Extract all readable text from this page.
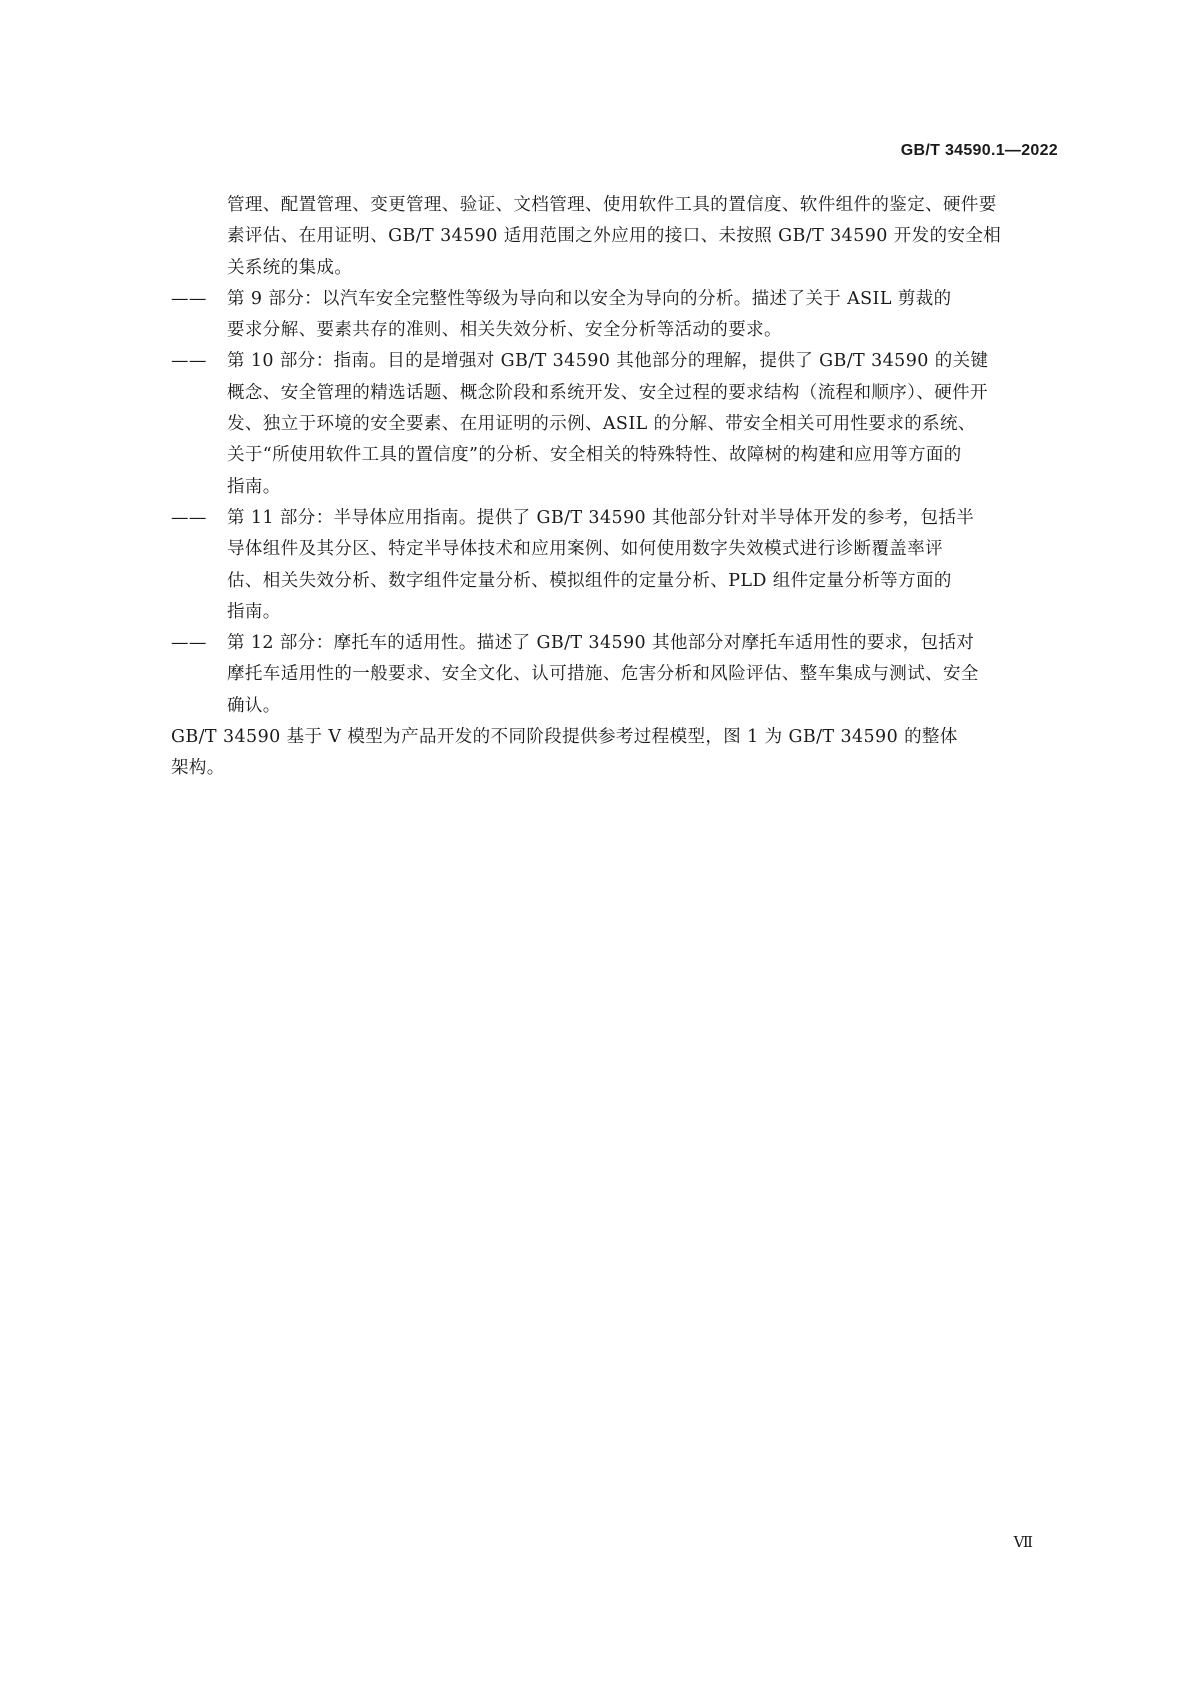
GB/T 34590.1—2022
管理、配置管理、变更管理、验证、文档管理、使用软件工具的置信度、软件组件的鉴定、硬件要
素评估、在用证明、GB/T 34590 适用范围之外应用的接口、未按照 GB/T 34590 开发的安全相
关系统的集成。
—— 第 9 部分：以汽车安全完整性等级为导向和以安全为导向的分析。描述了关于 ASIL 剪裁的
要求分解、要素共存的准则、相关失效分析、安全分析等活动的要求。
—— 第 10 部分：指南。目的是增强对 GB/T 34590 其他部分的理解，提供了 GB/T 34590 的关键
概念、安全管理的精选话题、概念阶段和系统开发、安全过程的要求结构（流程和顺序）、硬件开
发、独立于环境的安全要素、在用证明的示例、ASIL 的分解、带安全相关可用性要求的系统、
关于“所使用软件工具的置信度”的分析、安全相关的特殊特性、故障树的构建和应用等方面的
指南。
—— 第 11 部分：半导体应用指南。提供了 GB/T 34590 其他部分针对半导体开发的参考，包括半
导体组件及其分区、特定半导体技术和应用案例、如何使用数字失效模式进行诊断覆盖率评
估、相关失效分析、数字组件定量分析、模拟组件的定量分析、PLD 组件定量分析等方面的
指南。
—— 第 12 部分：摩托车的适用性。描述了 GB/T 34590 其他部分对摩托车适用性的要求，包括对
摩托车适用性的一般要求、安全文化、认可措施、危害分析和风险评估、整车集成与测试、安全
确认。
GB/T 34590 基于 V 模型为产品开发的不同阶段提供参考过程模型，图 1 为 GB/T 34590 的整体
架构。
Ⅶ
